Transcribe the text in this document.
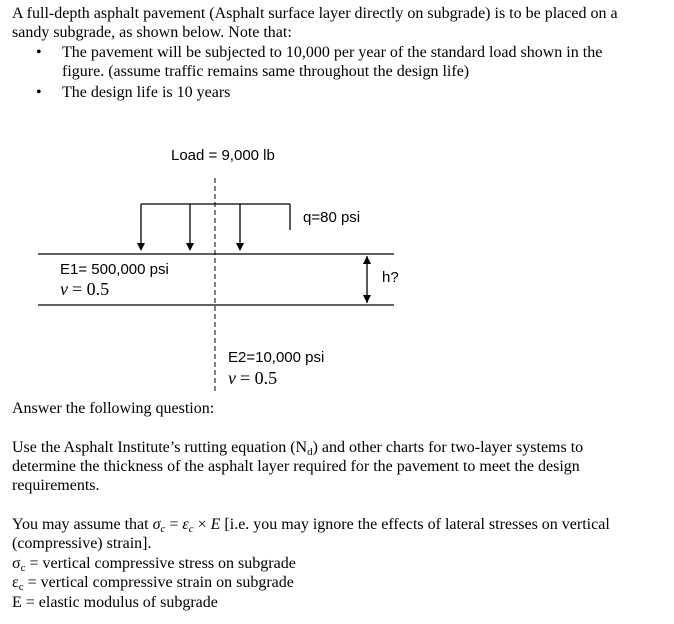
A full-depth asphalt pavement (Asphalt surface layer directly on subgrade) is to be placed on a
sandy subgrade, as shown below. Note that:
• The pavement will be subjected to 10,000 per year of the standard load shown in the
figure. (assume traffic remains same throughout the design life)
• The design life is 10 years
Load = 9,000 lb
q=80 psi
E1= 500,000 psi
ν = 0.5
h?
E2=10,000 psi
ν = 0.5
Answer the following question:
Use the Asphalt Institute’s rutting equation $(N_d)$ and other charts for two-layer systems to
determine the thickness of the asphalt layer required for the pavement to meet the design
requirements.
You may assume that $\sigma_c = \varepsilon_c \times E$ [i.e. you may ignore the effects of lateral stresses on vertical
(compressive) strain].
$\sigma_c$ = vertical compressive stress on subgrade
$\varepsilon_c$ = vertical compressive strain on subgrade
E = elastic modulus of subgrade
